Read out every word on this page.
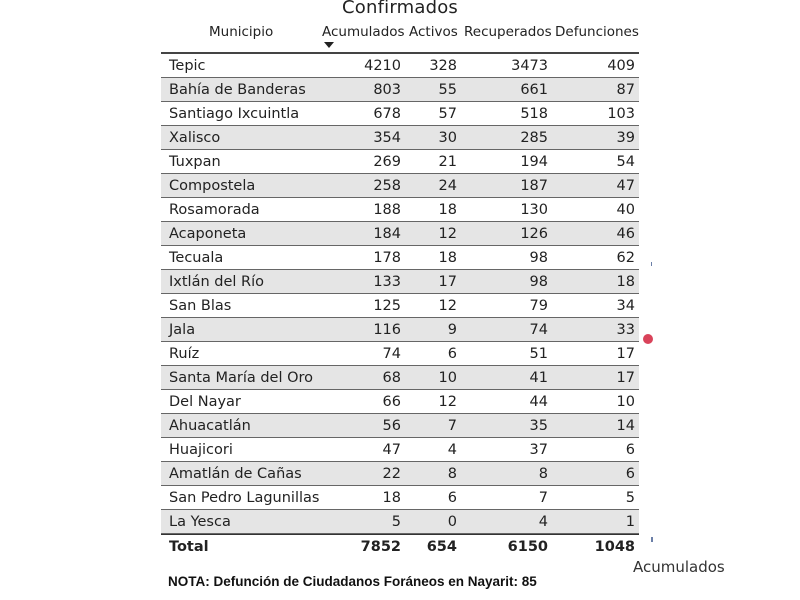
Confirmados
Municipio	Acumulados Activos Recuperados Defunciones
Tepic	4210 328	3473	409
Bahía de Banderas	803	55	661	87
Santiago Ixcuintla	678	57	518	103
Xalisco	354	30	285	39
Tuxpan	269	21	194	54
Compostela	258	24	187	47
Rosamorada	188	18	130	40
Acaponeta	184	12	126	46
Tecuala	178	18	98	62
Ixtlán del Río	133	17	98	18
San Blas	125	12	79	34
Jala	116	9	74	33
Ruíz	74	6	51	17
Santa María del Oro	68	10	41	17
Del Nayar	66	12	44	10
Ahuacatlán	56	7	35	14
Huajicori	47	4	37	6
Amatlán de Cañas	22	8	8	6
San Pedro Lagunillas	18	6	7	5
La Yesca	5	0	4	1
Total	7852 654	6150	1048
Acumulados
NOTA: Defunción de Ciudadanos Foráneos en Nayarit: 85
